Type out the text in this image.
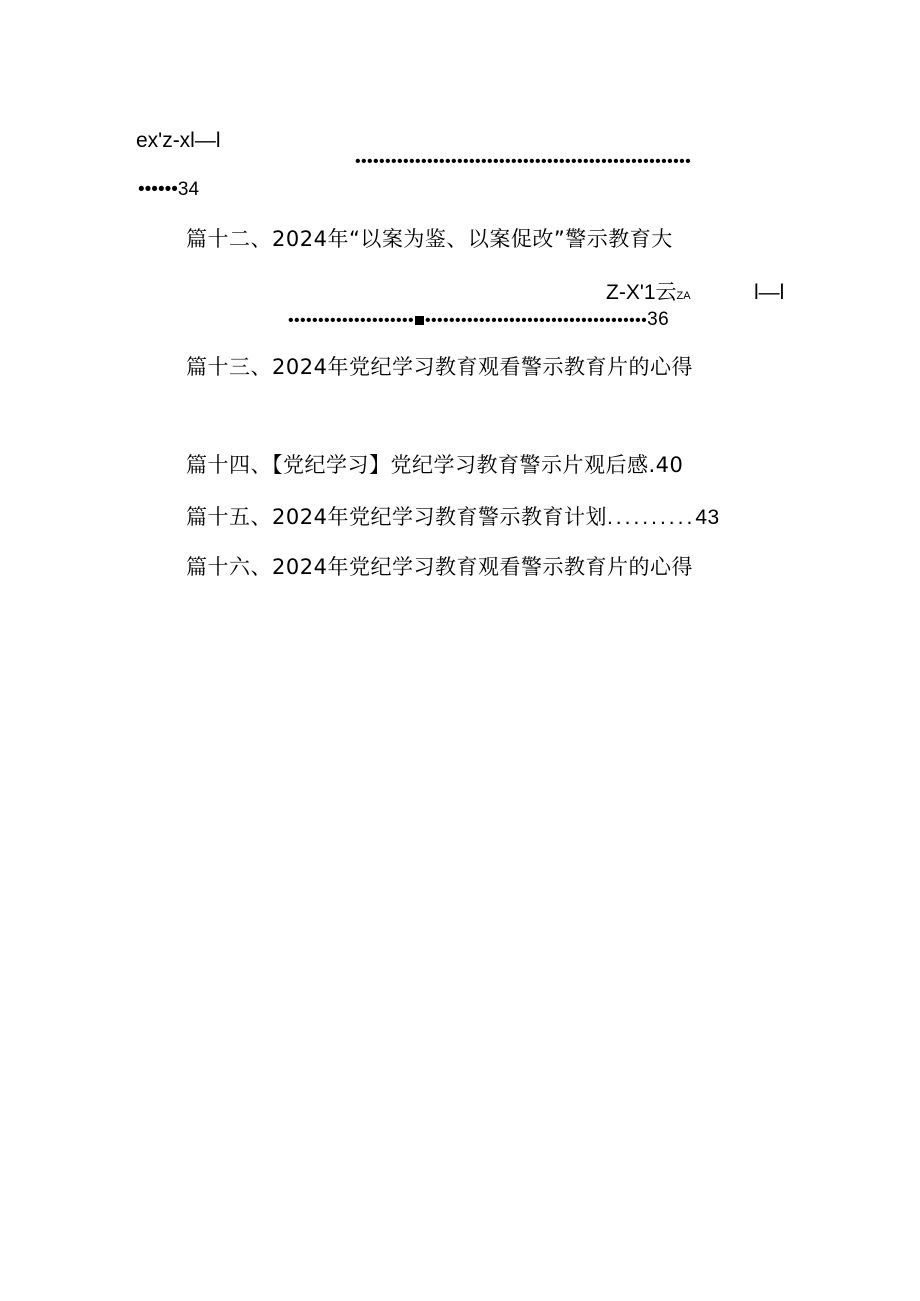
ex'z-xl—l
••••••••••••••••••••••••••••••••••••••••••••••••••••••••
••••••34
篇十二、2024年“以案为鉴、以案促改”警示教育大
Z-X'1云ZA	l—l
••••••••••••••••••••• •••••••••••••••••••••••••••••••••••••36
篇十三、2024年党纪学习教育观看警示教育片的心得
篇十四、【党纪学习】党纪学习教育警示片观后感.40
篇十五、2024年党纪学习教育警示教育计划..........43
篇十六、2024年党纪学习教育观看警示教育片的心得
